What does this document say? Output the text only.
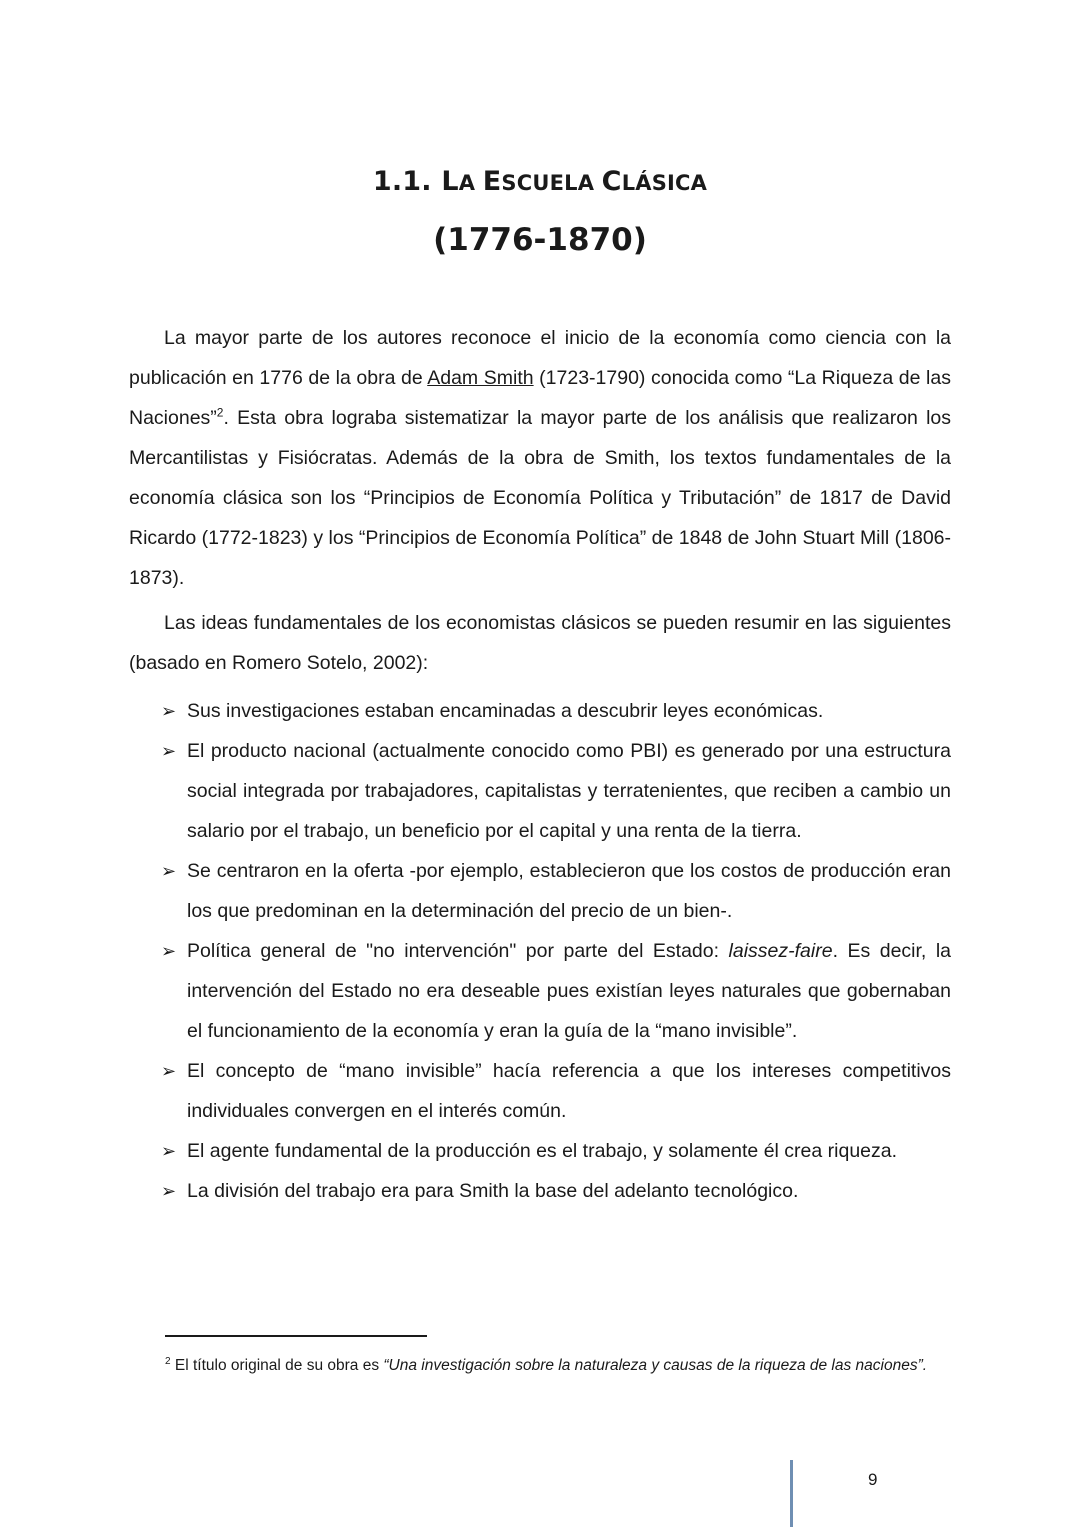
1.1. LA ESCUELA CLÁSICA
(1776-1870)
La mayor parte de los autores reconoce el inicio de la economía como ciencia con la publicación en 1776 de la obra de Adam Smith (1723-1790) conocida como “La Riqueza de las Naciones”$^2$. Esta obra lograba sistematizar la mayor parte de los análisis que realizaron los Mercantilistas y Fisiócratas. Además de la obra de Smith, los textos fundamentales de la economía clásica son los “Principios de Economía Política y Tributación” de 1817 de David Ricardo (1772-1823) y los “Principios de Economía Política” de 1848 de John Stuart Mill (1806-1873).
Las ideas fundamentales de los economistas clásicos se pueden resumir en las siguientes (basado en Romero Sotelo, 2002):
➢ Sus investigaciones estaban encaminadas a descubrir leyes económicas.
➢ El producto nacional (actualmente conocido como PBI) es generado por una estructura social integrada por trabajadores, capitalistas y terratenientes, que reciben a cambio un salario por el trabajo, un beneficio por el capital y una renta de la tierra.
➢ Se centraron en la oferta -por ejemplo, establecieron que los costos de producción eran los que predominan en la determinación del precio de un bien-.
➢ Política general de "no intervención" por parte del Estado: laissez-faire. Es decir, la intervención del Estado no era deseable pues existían leyes naturales que gobernaban el funcionamiento de la economía y eran la guía de la “mano invisible”.
➢ El concepto de “mano invisible” hacía referencia a que los intereses competitivos individuales convergen en el interés común.
➢ El agente fundamental de la producción es el trabajo, y solamente él crea riqueza.
➢ La división del trabajo era para Smith la base del adelanto tecnológico.
$^2$ El título original de su obra es “Una investigación sobre la naturaleza y causas de la riqueza de las naciones”.
9
